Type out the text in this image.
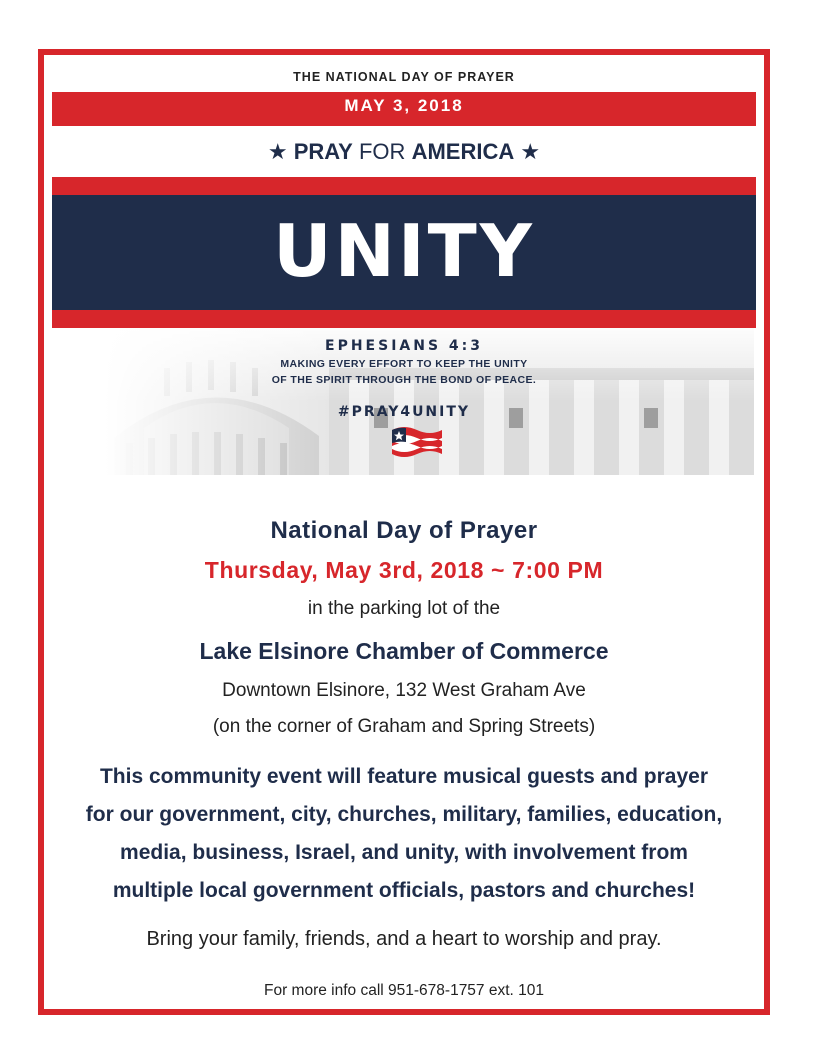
THE NATIONAL DAY OF PRAYER
MAY 3, 2018
★ PRAY FOR AMERICA ★
UNITY
EPHESIANS 4:3
MAKING EVERY EFFORT TO KEEP THE UNITY
OF THE SPIRIT THROUGH THE BOND OF PEACE.
#PRAY4UNITY
National Day of Prayer
Thursday, May 3rd, 2018 ~ 7:00 PM
in the parking lot of the
Lake Elsinore Chamber of Commerce
Downtown Elsinore, 132 West Graham Ave
(on the corner of Graham and Spring Streets)
This community event will feature musical guests and prayer
for our government, city, churches, military, families, education,
media, business, Israel, and unity, with involvement from
multiple local government officials, pastors and churches!
Bring your family, friends, and a heart to worship and pray.
For more info call 951-678-1757 ext. 101
